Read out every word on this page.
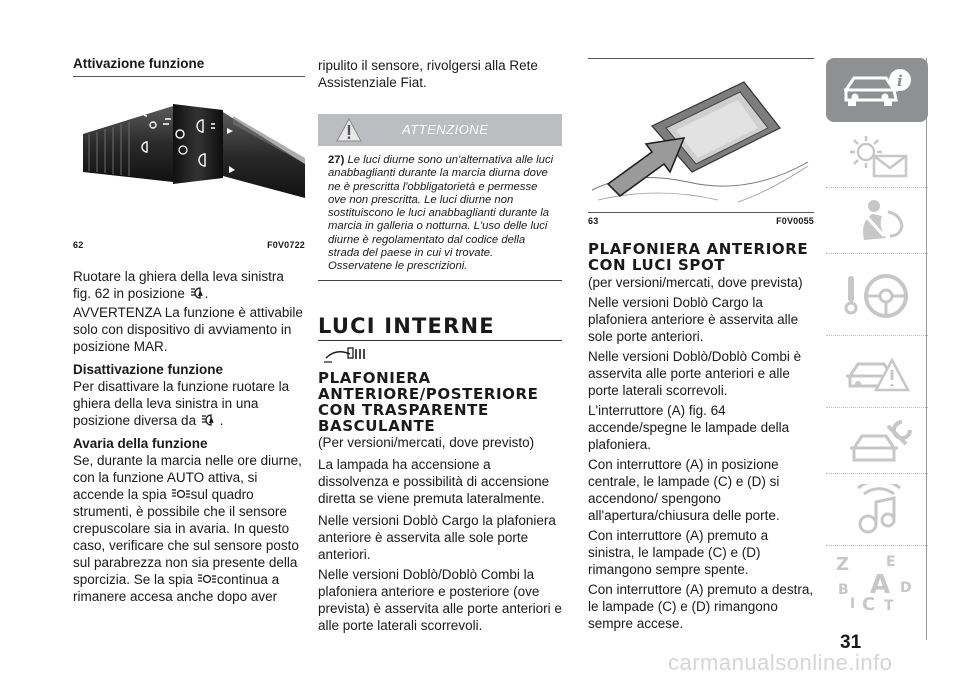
Attivazione funzione
62	F0V0722

Ruotare la ghiera della leva sinistra

fig. 62 in posizione A .

AVVERTENZA La funzione è attivabile solo con dispositivo di avviamento in posizione MAR.

Disattivazione funzione

Per disattivare la funzione ruotare la ghiera della leva sinistra in una posizione diversa da A .

Avaria della funzione

Se, durante la marcia nelle ore diurne, con la funzione AUTO attiva, si accende la spia sul quadro strumenti, è possibile che il sensore crepuscolare sia in avaria. In questo caso, verificare che sul sensore posto sul parabrezza non sia presente della sporcizia. Se la spia continua a rimanere accesa anche dopo aver

ripulito il sensore, rivolgersi alla Rete Assistenziale Fiat.

ATTENZIONE

27) Le luci diurne sono un'alternativa alle luci anabbaglianti durante la marcia diurna dove ne è prescritta l'obbligatorietà e permesse ove non prescritta. Le luci diurne non sostituiscono le luci anabbaglianti durante la marcia in galleria o notturna. L'uso delle luci diurne è regolamentato dal codice della strada del paese in cui vi trovate. Osservatene le prescrizioni.

LUCI INTERNE
PLAFONIERA ANTERIORE/POSTERIORE CON TRASPARENTE BASCULANTE

(Per versioni/mercati, dove previsto)

La lampada ha accensione a dissolvenza e possibilità di accensione diretta se viene premuta lateralmente.

Nelle versioni Doblò Cargo la plafoniera anteriore è asservita alle sole porte anteriori.

Nelle versioni Doblò/Doblò Combi la plafoniera anteriore e posteriore (ove prevista) è asservita alle porte anteriori e alle porte laterali scorrevoli.

63	F0V0055
PLAFONIERA ANTERIORE CON LUCI SPOT

(per versioni/mercati, dove prevista)

Nelle versioni Doblò Cargo la plafoniera anteriore è asservita alle sole porte anteriori.

Nelle versioni Doblò/Doblò Combi è asservita alle porte anteriori e alle porte laterali scorrevoli.

L'interruttore (A) fig. 64 accende/spegne le lampade della plafoniera.

Con interruttore (A) in posizione centrale, le lampade (C) e (D) si accendono/ spengono all'apertura/chiusura delle porte.

Con interruttore (A) premuto a sinistra, le lampade (C) e (D) rimangono sempre spente.

Con interruttore (A) premuto a destra, le lampade (C) e (D) rimangono sempre accese.

i
Z	E
B A D
I C T
31
carmanualsonline.info
